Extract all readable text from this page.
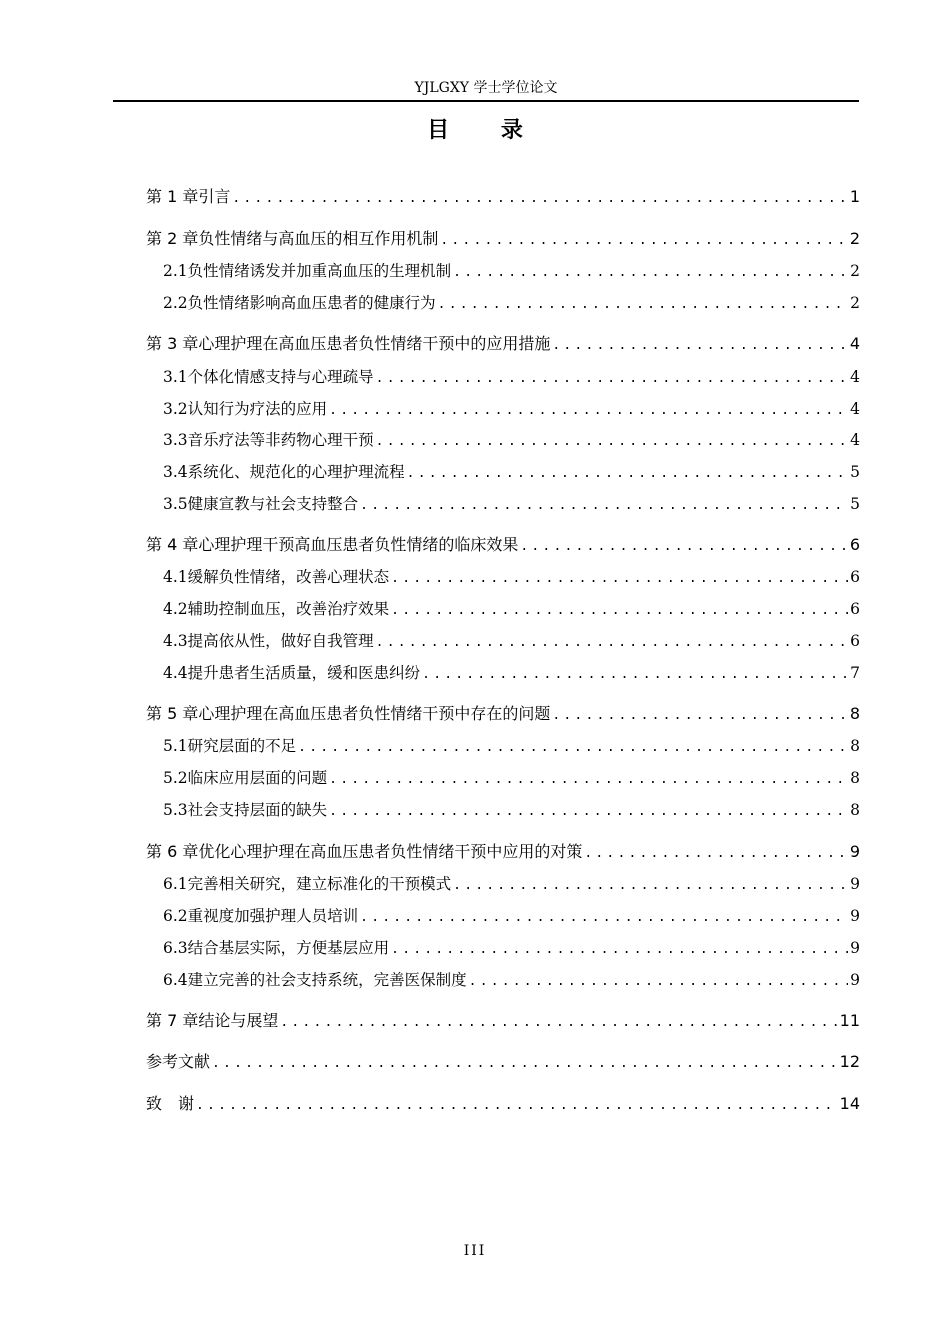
YJLGXY 学士学位论文
目 录
第 1 章 引言 .....	1
第 2 章 负性情绪与高血压的相互作用机制 .....	2
2.1 负性情绪诱发并加重高血压的生理机制 .....	2
2.2 负性情绪影响高血压患者的健康行为 .....	2
第 3 章 心理护理在高血压患者负性情绪干预中的应用措施 .....	4
3.1 个体化情感支持与心理疏导 .....	4
3.2 认知行为疗法的应用 .....	4
3.3 音乐疗法等非药物心理干预 .....	4
3.4 系统化、规范化的心理护理流程 .....	5
3.5 健康宣教与社会支持整合 .....	5
第 4 章 心理护理干预高血压患者负性情绪的临床效果 .....	6
4.1 缓解负性情绪，改善心理状态 .....	6
4.2 辅助控制血压，改善治疗效果 .....	6
4.3 提高依从性，做好自我管理 .....	6
4.4 提升患者生活质量，缓和医患纠纷 .....	7
第 5 章 心理护理在高血压患者负性情绪干预中存在的问题 .....	8
5.1 研究层面的不足 .....	8
5.2 临床应用层面的问题 .....	8
5.3 社会支持层面的缺失 .....	8
第 6 章 优化心理护理在高血压患者负性情绪干预中应用的对策 .....	9
6.1 完善相关研究，建立标准化的干预模式 .....	9
6.2 重视度加强护理人员培训 .....	9
6.3 结合基层实际，方便基层应用 .....	9
6.4 建立完善的社会支持系统，完善医保制度 .....	9
第 7 章 结论与展望 .....	11
参考文献 .....	12
致　谢 .....	14
III
